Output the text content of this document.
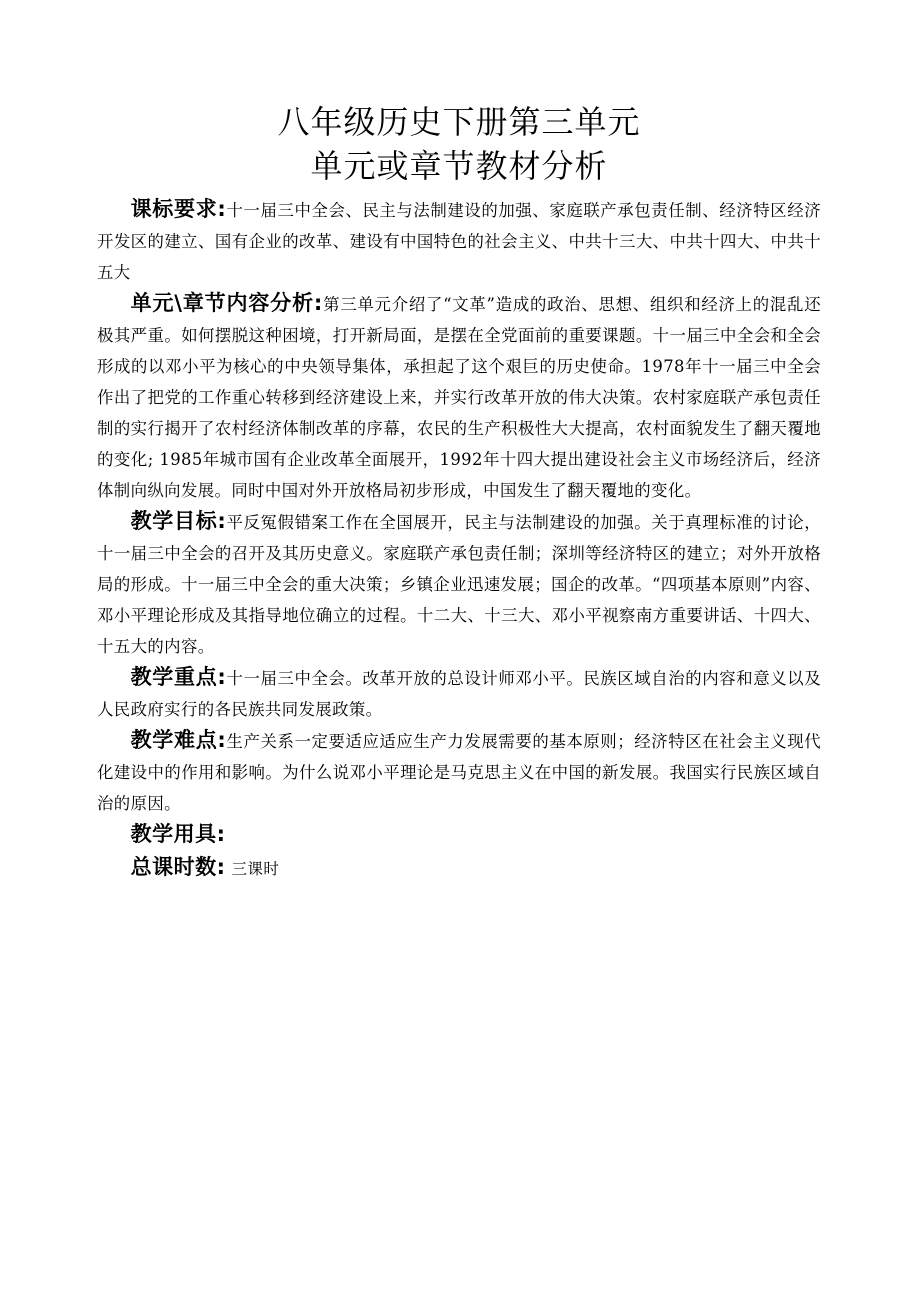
八年级历史下册第三单元
单元或章节教材分析

课标要求:十一届三中全会、民主与法制建设的加强、家庭联产承包责任制、经济特区经济开发区的建立、国有企业的改革、建设有中国特色的社会主义、中共十三大、中共十四大、中共十五大

单元\章节内容分析:第三单元介绍了“文革”造成的政治、思想、组织和经济上的混乱还极其严重。如何摆脱这种困境，打开新局面，是摆在全党面前的重要课题。十一届三中全会和全会形成的以邓小平为核心的中央领导集体，承担起了这个艰巨的历史使命。1978年十一届三中全会作出了把党的工作重心转移到经济建设上来，并实行改革开放的伟大决策。农村家庭联产承包责任制的实行揭开了农村经济体制改革的序幕，农民的生产积极性大大提高，农村面貌发生了翻天覆地的变化; 1985年城市国有企业改革全面展开，1992年十四大提出建设社会主义市场经济后，经济体制向纵向发展。同时中国对外开放格局初步形成，中国发生了翻天覆地的变化。

教学目标:平反冤假错案工作在全国展开，民主与法制建设的加强。关于真理标准的讨论，十一届三中全会的召开及其历史意义。家庭联产承包责任制；深圳等经济特区的建立；对外开放格局的形成。十一届三中全会的重大决策；乡镇企业迅速发展；国企的改革。“四项基本原则”内容、邓小平理论形成及其指导地位确立的过程。十二大、十三大、邓小平视察南方重要讲话、十四大、十五大的内容。

教学重点:十一届三中全会。改革开放的总设计师邓小平。民族区域自治的内容和意义以及人民政府实行的各民族共同发展政策。

教学难点:生产关系一定要适应适应生产力发展需要的基本原则；经济特区在社会主义现代化建设中的作用和影响。为什么说邓小平理论是马克思主义在中国的新发展。我国实行民族区域自治的原因。

教学用具:

总课时数: 三课时
